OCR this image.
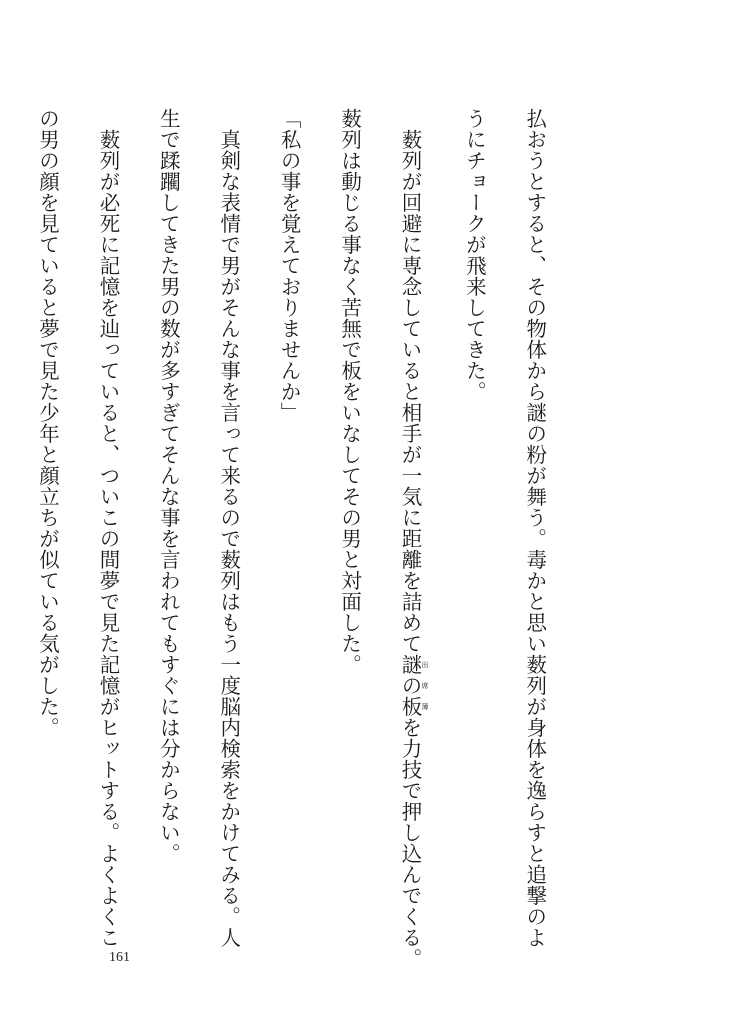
払おうとすると、その物体から謎の粉が舞う。毒かと思い薮列が身体を逸らすと追撃のよ

うにチョークが飛来してきた。

　薮列が回避に専念していると相手が一気に距離を詰めて謎の板 出席簿を力技で押し込んでくる。

薮列は動じる事なく苦無で板をいなしてその男と対面した。

「私の事を覚えておりませんか」

　真剣な表情で男がそんな事を言って来るので薮列はもう一度脳内検索をかけてみる。人

生で蹂躙してきた男の数が多すぎてそんな事を言われてもすぐには分からない。

　薮列が必死に記憶を辿っていると、ついこの間夢で見た記憶がヒットする。よくよくこ

の男の顔を見ていると夢で見た少年と顔立ちが似ている気がした。

161
